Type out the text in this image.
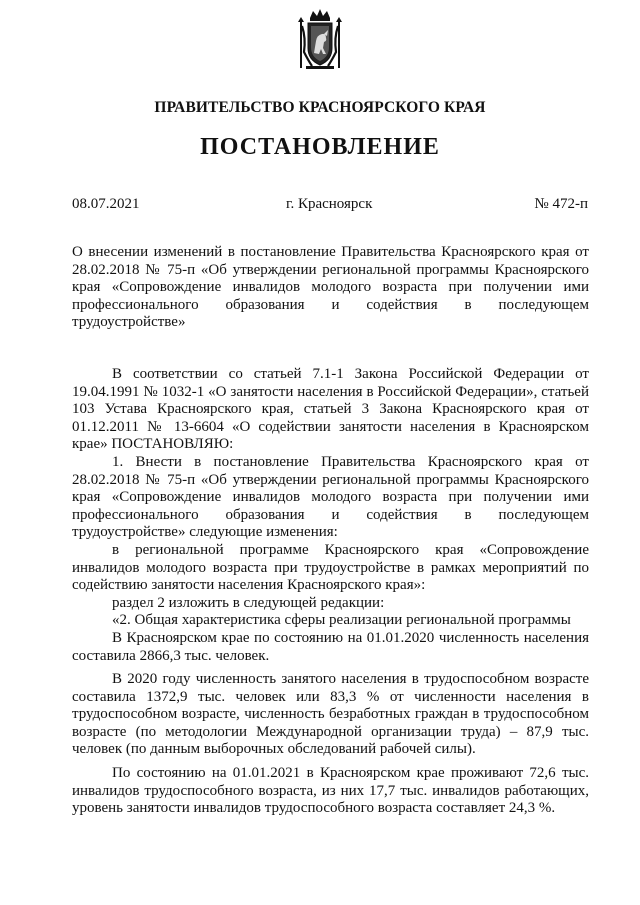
ПРАВИТЕЛЬСТВО КРАСНОЯРСКОГО КРАЯ
ПОСТАНОВЛЕНИЕ
08.07.2021	г. Красноярск	№ 472-п
О внесении изменений в постановление Правительства Красноярского края от 28.02.2018 № 75-п «Об утверждении региональной программы Красноярского края «Сопровождение инвалидов молодого возраста при получении ими профессионального образования и содействия в последующем трудоустройстве»

В соответствии со статьей 7.1-1 Закона Российской Федерации от 19.04.1991 № 1032-1 «О занятости населения в Российской Федерации», статьей 103 Устава Красноярского края, статьей 3 Закона Красноярского края от 01.12.2011 № 13-6604 «О содействии занятости населения в Красноярском крае» ПОСТАНОВЛЯЮ:

1. Внести в постановление Правительства Красноярского края от 28.02.2018 № 75-п «Об утверждении региональной программы Красноярского края «Сопровождение инвалидов молодого возраста при получении ими профессионального образования и содействия в последующем трудоустройстве» следующие изменения:

в региональной программе Красноярского края «Сопровождение инвалидов молодого возраста при трудоустройстве в рамках мероприятий по содействию занятости населения Красноярского края»:

раздел 2 изложить в следующей редакции:

«2. Общая характеристика сферы реализации региональной программы

В Красноярском крае по состоянию на 01.01.2020 численность населения составила 2866,3 тыс. человек.

В 2020 году численность занятого населения в трудоспособном возрасте составила 1372,9 тыс. человек или 83,3 % от численности населения в трудоспособном возрасте, численность безработных граждан в трудоспособном возрасте (по методологии Международной организации труда) – 87,9 тыс. человек (по данным выборочных обследований рабочей силы).

По состоянию на 01.01.2021 в Красноярском крае проживают 72,6 тыс. инвалидов трудоспособного возраста, из них 17,7 тыс. инвалидов работающих, уровень занятости инвалидов трудоспособного возраста составляет 24,3 %.
